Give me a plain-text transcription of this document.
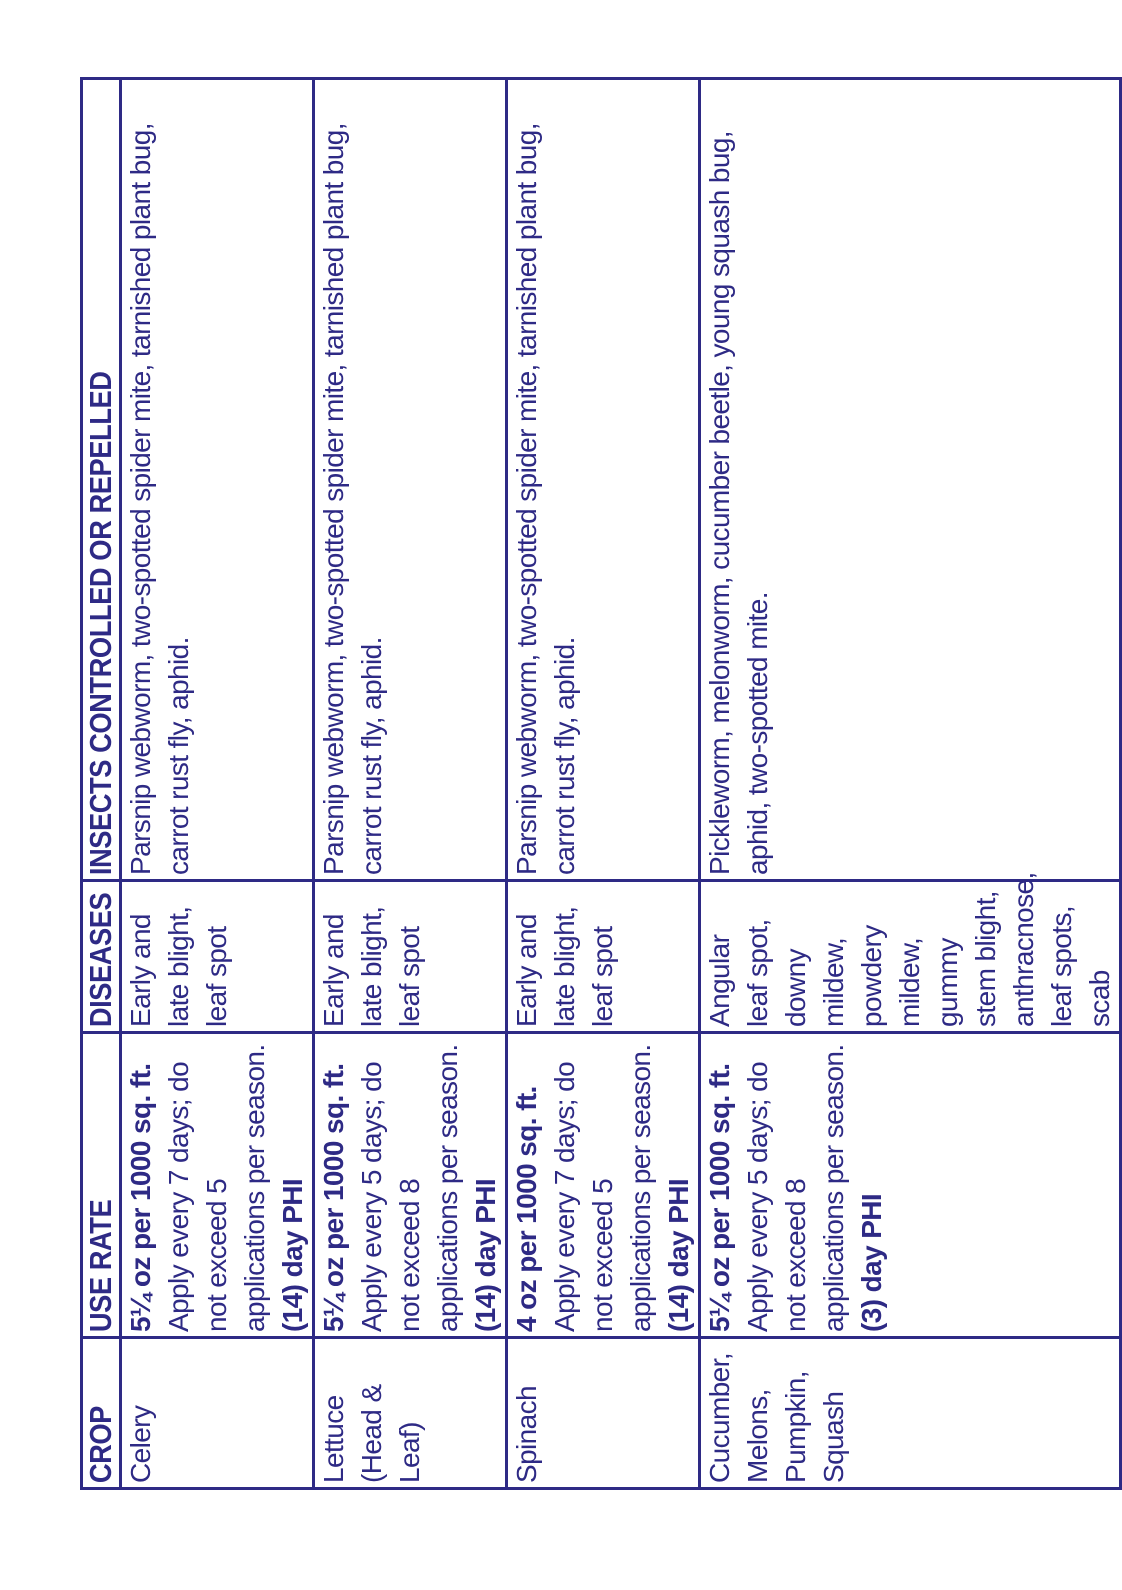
CROP	USE RATE	DISEASES	INSECTS CONTROLLED OR REPELLED
Celery	5¼ oz per 1000 sq. ft. Apply every 7 days; do not exceed 5 applications per season. (14) day PHI	Early and late blight, leaf spot	Parsnip webworm, two-spotted spider mite, tarnished plant bug, carrot rust fly, aphid.
Lettuce (Head & Leaf)	5¼ oz per 1000 sq. ft. Apply every 5 days; do not exceed 8 applications per season. (14) day PHI	Early and late blight, leaf spot	Parsnip webworm, two-spotted spider mite, tarnished plant bug, carrot rust fly, aphid.
Spinach	4 oz per 1000 sq. ft. Apply every 7 days; do not exceed 5 applications per season. (14) day PHI	Early and late blight, leaf spot	Parsnip webworm, two-spotted spider mite, tarnished plant bug, carrot rust fly, aphid.
Cucumber, Melons, Pumpkin, Squash	5¼ oz per 1000 sq. ft. Apply every 5 days; do not exceed 8 applications per season. (3) day PHI	Angular leaf spot, downy mildew, powdery mildew, gummy stem blight, anthracnose, leaf spots, scab	Pickleworm, melonworm, cucumber beetle, young squash bug, aphid, two-spotted mite.
